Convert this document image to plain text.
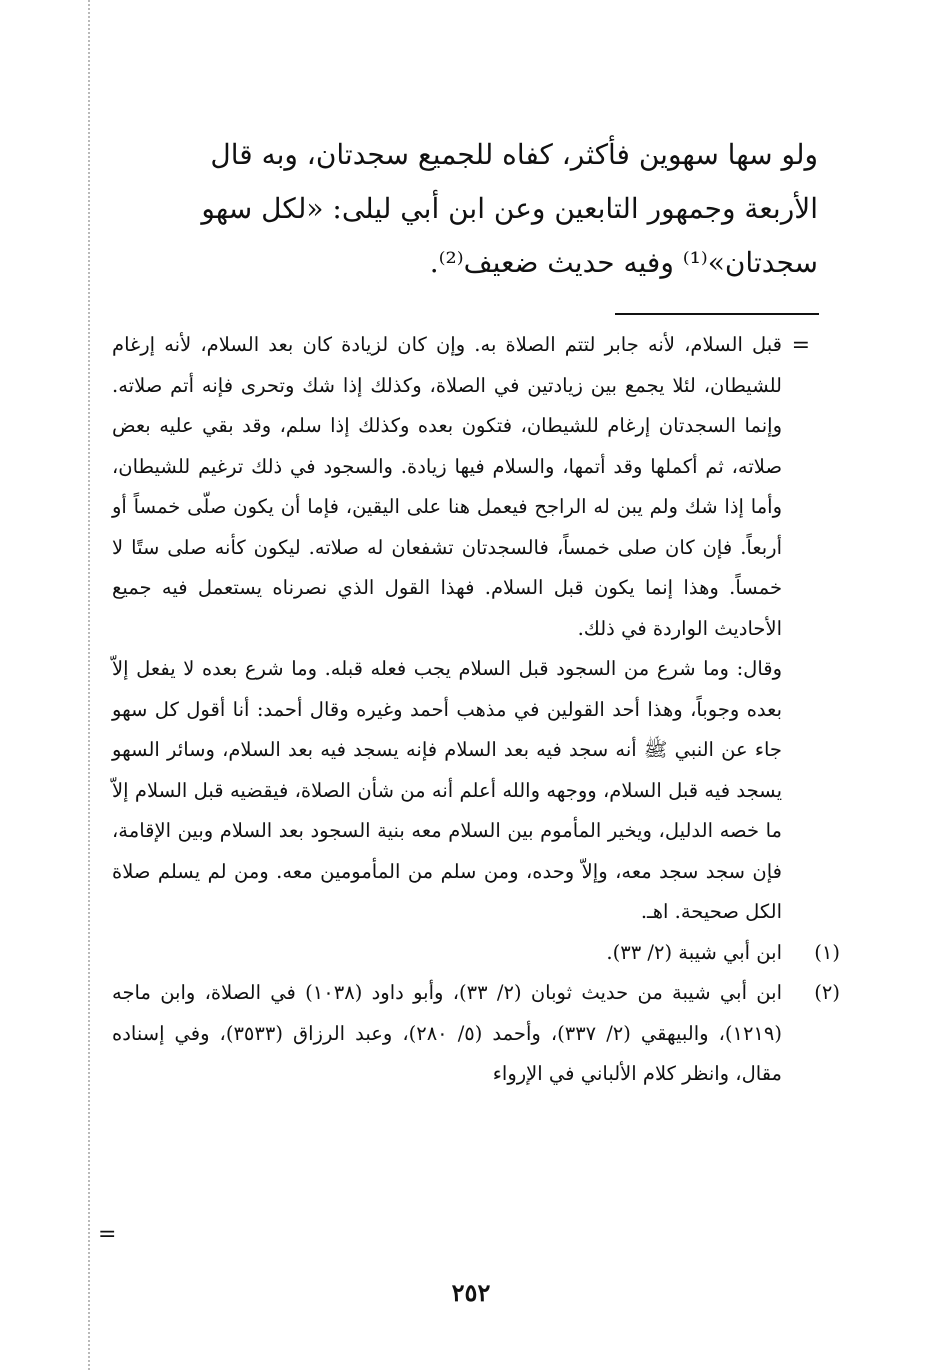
ولو سها سهوين فأكثر، كفاه للجميع سجدتان، وبه قال

الأربعة وجمهور التابعين وعن ابن أبي ليلى: «لكل سهو

سجدتان»⁽¹⁾ وفيه حديث ضعيف⁽²⁾.

=

قبل السلام، لأنه جابر لتتم الصلاة به. وإن كان لزيادة كان بعد السلام، لأنه إرغام للشيطان، لئلا يجمع بين زيادتين في الصلاة، وكذلك إذا شك وتحرى فإنه أتم صلاته. وإنما السجدتان إرغام للشيطان، فتكون بعده وكذلك إذا سلم، وقد بقي عليه بعض صلاته، ثم أكملها وقد أتمها، والسلام فيها زيادة. والسجود في ذلك ترغيم للشيطان، وأما إذا شك ولم يبن له الراجح فيعمل هنا على اليقين، فإما أن يكون صلّى خمساً أو أربعاً. فإن كان صلى خمساً، فالسجدتان تشفعان له صلاته. ليكون كأنه صلى ستًا لا خمساً. وهذا إنما يكون قبل السلام. فهذا القول الذي نصرناه يستعمل فيه جميع الأحاديث الواردة في ذلك.

وقال: وما شرع من السجود قبل السلام يجب فعله قبله. وما شرع بعده لا يفعل إلاّ بعده وجوباً، وهذا أحد القولين في مذهب أحمد وغيره وقال أحمد: أنا أقول كل سهو جاء عن النبي ﷺ أنه سجد فيه بعد السلام فإنه يسجد فيه بعد السلام، وسائر السهو يسجد فيه قبل السلام، ووجهه والله أعلم أنه من شأن الصلاة، فيقضيه قبل السلام إلاّ ما خصه الدليل، ويخير المأموم بين السلام معه بنية السجود بعد السلام وبين الإقامة، فإن سجد سجد معه، وإلاّ وحده، ومن سلم من المأمومين معه. ومن لم يسلم صلاة الكل صحيحة. اهـ.

(١)
ابن أبي شيبة (٢/ ٣٣).
(٢)
ابن أبي شيبة من حديث ثوبان (٢/ ٣٣)، وأبو داود (١٠٣٨) في الصلاة، وابن ماجه (١٢١٩)، والبيهقي (٢/ ٣٣٧)، وأحمد (٥/ ٢٨٠)، وعبد الرزاق (٣٥٣٣)، وفي إسناده مقال، وانظر كلام الألباني في الإرواء
=
٢٥٢
